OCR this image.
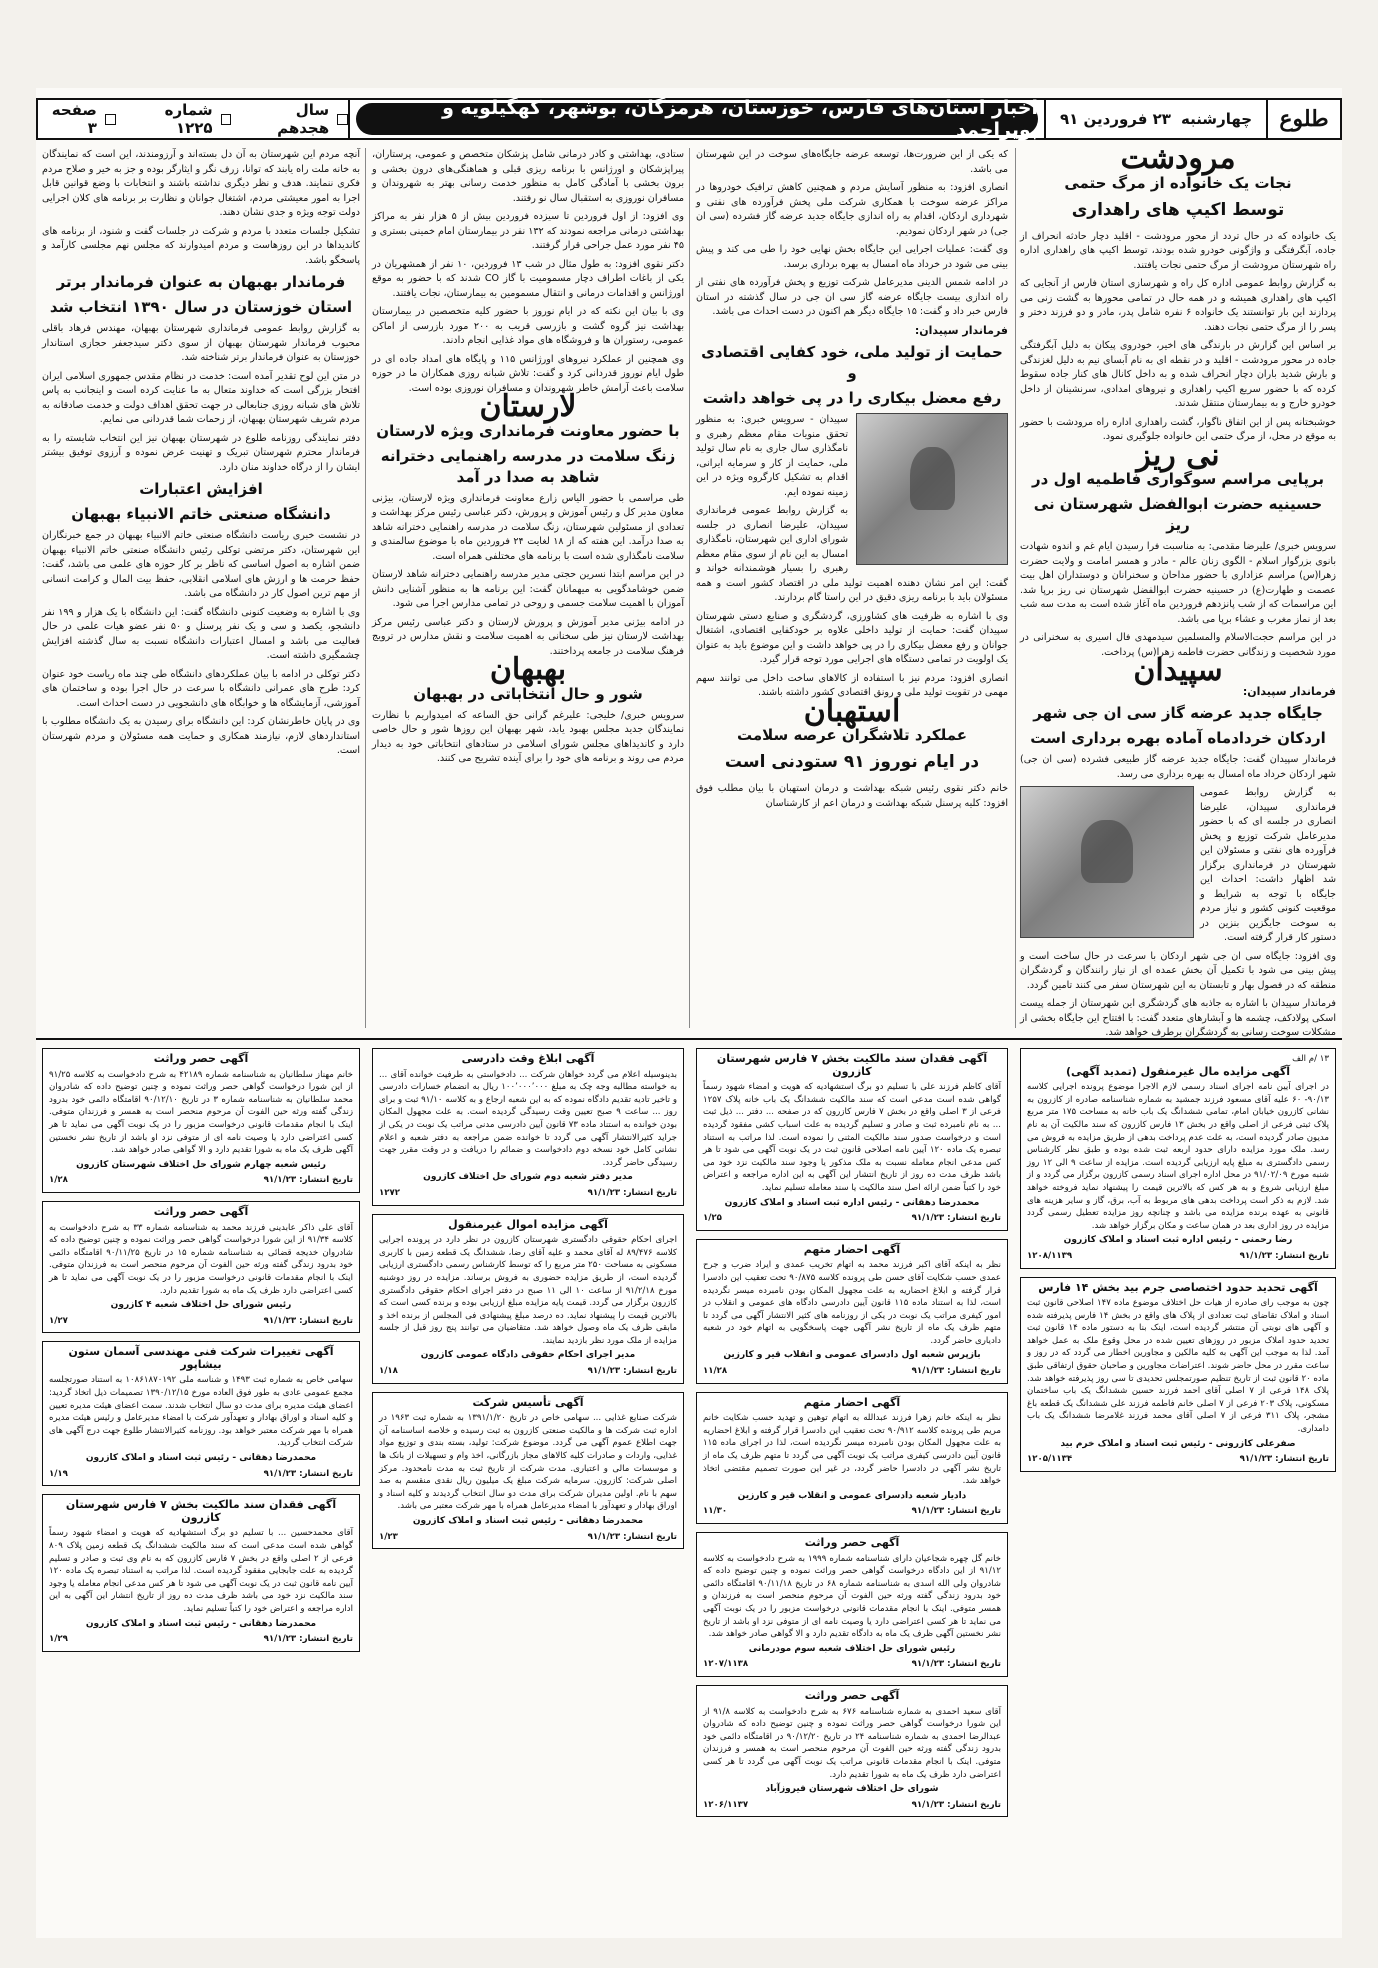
طلوع
چهارشنبه
۲۳ فروردین ۹۱
اخبار استان‌های فارس، خوزستان، هرمزگان، بوشهر، کهگیلویه و بویراحمد
سال هجدهم
شماره ۱۲۲۵
صفحه ۳
مرودشت
نجات یک خانواده از مرگ حتمی
توسط اکیپ های راهداری

یک خانواده که در حال تردد از محور مرودشت - اقلید دچار حادثه انحراف از جاده، آبگرفتگی و واژگونی خودرو شده بودند، توسط اکیپ های راهداری اداره راه شهرستان مرودشت از مرگ حتمی نجات یافتند.

به گزارش روابط عمومی اداره کل راه و شهرسازی استان فارس از آنجایی که اکیپ های راهداری همیشه و در همه حال در تمامی محورها به گشت زنی می پردازند این بار توانستند یک خانواده ۶ نفره شامل پدر، مادر و دو فرزند دختر و پسر را از مرگ حتمی نجات دهند.

بر اساس این گزارش در بارندگی های اخیر، خودروی پیکان به دلیل آبگرفتگی جاده در محور مرودشت - اقلید و در نقطه ای به نام آبسای نیم به دلیل لغزندگی و بارش شدید باران دچار انحراف شده و به داخل کانال های کنار جاده سقوط کرده که با حضور سریع اکیپ راهداری و نیروهای امدادی، سرنشینان از داخل خودرو خارج و به بیمارستان منتقل شدند.

خوشبختانه پس از این اتفاق ناگوار، گشت راهداری اداره راه مرودشت با حضور به موقع در محل، از مرگ حتمی این خانواده جلوگیری نمود.

نی ریز
برپایی مراسم سوگواری فاطمیه اول در
حسینیه حضرت ابوالفضل شهرستان نی ریز

سرویس خبری/ علیرضا مقدمی: به مناسبت فرا رسیدن ایام غم و اندوه شهادت بانوی بزرگوار اسلام - الگوی زنان عالم - مادر و همسر امامت و ولایت حضرت زهرا(س) مراسم عزاداری با حضور مداحان و سخنرانان و دوستداران اهل بیت عصمت و طهارت(ع) در حسینیه حضرت ابوالفضل شهرستان نی ریز برپا شد. این مراسمات که از شب پانزدهم فروردین ماه آغاز شده است به مدت سه شب بعد از نماز مغرب و عشاء برپا می باشد.

در این مراسم حجت‌الاسلام والمسلمین سیدمهدی فال اسیری به سخنرانی در مورد شخصیت و زندگانی حضرت فاطمه زهرا(س) پرداخت.

سپیدان
فرماندار سپیدان:
جایگاه جدید عرضه گاز سی ان جی شهر
اردکان خردادماه آماده بهره برداری است

فرماندار سپیدان گفت: جایگاه جدید عرضه گاز طبیعی فشرده (سی ان جی) شهر اردکان خرداد ماه امسال به بهره برداری می رسد.

به گزارش روابط عمومی فرمانداری سپیدان، علیرضا انصاری در جلسه ای که با حضور مدیرعامل شرکت توزیع و پخش فرآورده های نفتی و مسئولان این شهرستان در فرمانداری برگزار شد اظهار داشت: احداث این جایگاه با توجه به شرایط و موقعیت کنونی کشور و نیاز مردم به سوخت جایگزین بنزین در دستور کار قرار گرفته است.

وی افزود: جایگاه سی ان جی شهر اردکان با سرعت در حال ساخت است و پیش بینی می شود با تکمیل آن بخش عمده ای از نیاز رانندگان و گردشگران منطقه که در فصول بهار و تابستان به این شهرستان سفر می کنند تامین گردد.

فرماندار سپیدان با اشاره به جاذبه های گردشگری این شهرستان از جمله پیست اسکی پولادکف، چشمه ها و آبشارهای متعدد گفت: با افتتاح این جایگاه بخشی از مشکلات سوخت رسانی به گردشگران برطرف خواهد شد.

که یکی از این ضرورت‌ها، توسعه عرضه جایگاه‌های سوخت در این شهرستان می باشد.

انصاری افزود: به منظور آسایش مردم و همچنین کاهش ترافیک خودروها در مراکز عرضه سوخت با همکاری شرکت ملی پخش فرآورده های نفتی و شهرداری اردکان، اقدام به راه اندازی جایگاه جدید عرضه گاز فشرده (سی ان جی) در شهر اردکان نمودیم.

وی گفت: عملیات اجرایی این جایگاه بخش نهایی خود را طی می کند و پیش بینی می شود در خرداد ماه امسال به بهره برداری برسد.

در ادامه شمس الدینی مدیرعامل شرکت توزیع و پخش فرآورده های نفتی از راه اندازی بیست جایگاه عرضه گاز سی ان جی در سال گذشته در استان فارس خبر داد و گفت: ۱۵ جایگاه دیگر هم اکنون در دست احداث می باشد.

فرماندار سپیدان:
حمایت از تولید ملی، خود کفایی اقتصادی و
رفع معضل بیکاری را در پی خواهد داشت

سپیدان - سرویس خبری: به منظور تحقق منویات مقام معظم رهبری و نامگذاری سال جاری به نام سال تولید ملی، حمایت از کار و سرمایه ایرانی، اقدام به تشکیل کارگروه ویژه در این زمینه نموده ایم.

به گزارش روابط عمومی فرمانداری سپیدان، علیرضا انصاری در جلسه شورای اداری این شهرستان، نامگذاری امسال به این نام از سوی مقام معظم رهبری را بسیار هوشمندانه خواند و گفت: این امر نشان دهنده اهمیت تولید ملی در اقتصاد کشور است و همه مسئولان باید با برنامه ریزی دقیق در این راستا گام بردارند.

وی با اشاره به ظرفیت های کشاورزی، گردشگری و صنایع دستی شهرستان سپیدان گفت: حمایت از تولید داخلی علاوه بر خودکفایی اقتصادی، اشتغال جوانان و رفع معضل بیکاری را در پی خواهد داشت و این موضوع باید به عنوان یک اولویت در تمامی دستگاه های اجرایی مورد توجه قرار گیرد.

انصاری افزود: مردم نیز با استفاده از کالاهای ساخت داخل می توانند سهم مهمی در تقویت تولید ملی و رونق اقتصادی کشور داشته باشند.

استهبان
عملکرد تلاشگران عرصه سلامت
در ایام نوروز ۹۱ ستودنی است

خانم دکتر نقوی رئیس شبکه بهداشت و درمان استهبان با بیان مطلب فوق افزود: کلیه پرسنل شبکه بهداشت و درمان اعم از کارشناسان

ستادی، بهداشتی و کادر درمانی شامل پزشکان متخصص و عمومی، پرستاران، پیراپزشکان و اورژانس با برنامه ریزی قبلی و هماهنگی‌های درون بخشی و برون بخشی با آمادگی کامل به منظور خدمت رسانی بهتر به شهروندان و مسافران نوروزی به استقبال سال نو رفتند.

وی افزود: از اول فروردین تا سیزده فروردین بیش از ۵ هزار نفر به مراکز بهداشتی درمانی مراجعه نمودند که ۱۳۲ نفر در بیمارستان امام خمینی بستری و ۴۵ نفر مورد عمل جراحی قرار گرفتند.

دکتر نقوی افزود: به طول مثال در شب ۱۳ فروردین، ۱۰ نفر از همشهریان در یکی از باغات اطراف دچار مسمومیت با گاز CO شدند که با حضور به موقع اورژانس و اقدامات درمانی و انتقال مسمومین به بیمارستان، نجات یافتند.

وی با بیان این نکته که در ایام نوروز با حضور کلیه متخصصین در بیمارستان بهداشت نیز گروه گشت و بازرسی قریب به ۲۰۰ مورد بازرسی از اماکن عمومی، رستوران ها و فروشگاه های مواد غذایی انجام دادند.

وی همچنین از عملکرد نیروهای اورژانس ۱۱۵ و پایگاه های امداد جاده ای در طول ایام نوروز قدردانی کرد و گفت: تلاش شبانه روزی همکاران ما در حوزه سلامت باعث آرامش خاطر شهروندان و مسافران نوروزی بوده است.

لارستان
با حضور معاونت فرمانداری ویژه لارستان
زنگ سلامت در مدرسه راهنمایی دخترانه شاهد به صدا در آمد

طی مراسمی با حضور الیاس زارع معاونت فرمانداری ویژه لارستان، بیژنی معاون مدیر کل و رئیس آموزش و پرورش، دکتر عباسی رئیس مرکز بهداشت و تعدادی از مسئولین شهرستان، زنگ سلامت در مدرسه راهنمایی دخترانه شاهد به صدا درآمد. این هفته که از ۱۸ لغایت ۲۴ فروردین ماه با موضوع سالمندی و سلامت نامگذاری شده است با برنامه های مختلفی همراه است.

در این مراسم ابتدا نسرین حجتی مدیر مدرسه راهنمایی دخترانه شاهد لارستان ضمن خوشامدگویی به میهمانان گفت: این برنامه ها به منظور آشنایی دانش آموزان با اهمیت سلامت جسمی و روحی در تمامی مدارس اجرا می شود.

در ادامه بیژنی مدیر آموزش و پرورش لارستان و دکتر عباسی رئیس مرکز بهداشت لارستان نیز طی سخنانی به اهمیت سلامت و نقش مدارس در ترویج فرهنگ سلامت در جامعه پرداختند.

بهبهان
شور و حال انتخاباتی در بهبهان

سرویس خبری/ خلیجی: علیرغم گرانی حق الساعه که امیدواریم با نظارت نمایندگان جدید مجلس بهبود یابد، شهر بهبهان این روزها شور و حال خاصی دارد و کاندیداهای مجلس شورای اسلامی در ستادهای انتخاباتی خود به دیدار مردم می روند و برنامه های خود را برای آینده تشریح می کنند.

آنچه مردم این شهرستان به آن دل بسته‌اند و آرزومندند، این است که نمایندگان به خانه ملت راه یابند که توانا، زرف نگر و ایثارگر بوده و جز به خیر و صلاح مردم فکری ننمایند. هدف و نظر دیگری نداشته باشند و انتخابات با وضع قوانین قابل اجرا به امور معیشتی مردم، اشتغال جوانان و نظارت بر برنامه های کلان اجرایی دولت توجه ویژه و جدی نشان دهند.

تشکیل جلسات متعدد با مردم و شرکت در جلسات گفت و شنود، از برنامه های کاندیداها در این روزهاست و مردم امیدوارند که مجلس نهم مجلسی کارآمد و پاسخگو باشد.

فرماندار بهبهان به عنوان فرماندار برتر
استان خوزستان در سال ۱۳۹۰ انتخاب شد

به گزارش روابط عمومی فرمانداری شهرستان بهبهان، مهندس فرهاد باقلی محبوب فرماندار شهرستان بهبهان از سوی دکتر سیدجعفر حجازی استاندار خوزستان به عنوان فرماندار برتر شناخته شد.

در متن این لوح تقدیر آمده است: خدمت در نظام مقدس جمهوری اسلامی ایران افتخار بزرگی است که خداوند متعال به ما عنایت کرده است و اینجانب به پاس تلاش های شبانه روزی جنابعالی در جهت تحقق اهداف دولت و خدمت صادقانه به مردم شریف شهرستان بهبهان، از زحمات شما قدردانی می نمایم.

دفتر نمایندگی روزنامه طلوع در شهرستان بهبهان نیز این انتخاب شایسته را به فرماندار محترم شهرستان تبریک و تهنیت عرض نموده و آرزوی توفیق بیشتر ایشان را از درگاه خداوند منان دارد.

افزایش اعتبارات
دانشگاه صنعتی خاتم الانبیاء بهبهان

در نشست خبری ریاست دانشگاه صنعتی خاتم الانبیاء بهبهان در جمع خبرنگاران این شهرستان، دکتر مرتضی توکلی رئیس دانشگاه صنعتی خاتم الانبیاء بهبهان ضمن اشاره به اصول اساسی که ناظر بر کار حوزه های علمی می باشد، گفت: حفظ حرمت ها و ارزش های اسلامی انقلابی، حفظ بیت المال و کرامت انسانی از مهم ترین اصول کار در دانشگاه می باشد.

وی با اشاره به وضعیت کنونی دانشگاه گفت: این دانشگاه با یک هزار و ۱۹۹ نفر دانشجو، یکصد و سی و یک نفر پرسنل و ۵۰ نفر عضو هیات علمی در حال فعالیت می باشد و امسال اعتبارات دانشگاه نسبت به سال گذشته افزایش چشمگیری داشته است.

دکتر توکلی در ادامه با بیان عملکردهای دانشگاه طی چند ماه ریاست خود عنوان کرد: طرح های عمرانی دانشگاه با سرعت در حال اجرا بوده و ساختمان های آموزشی، آزمایشگاه ها و خوابگاه های دانشجویی در دست احداث است.

وی در پایان خاطرنشان کرد: این دانشگاه برای رسیدن به یک دانشگاه مطلوب با استانداردهای لازم، نیازمند همکاری و حمایت همه مسئولان و مردم شهرستان است.

۱۳ /م الف
آگهی مزایده مال غیرمنقول (تمدید آگهی)
در اجرای آیین نامه اجرای اسناد رسمی لازم الاجرا موضوع پرونده اجرایی کلاسه ۹۰/۱۳- ۶۰ علیه آقای مسعود فرزند جمشید به شماره شناسنامه صادره از کازرون به نشانی کازرون خیابان امام، تمامی ششدانگ یک باب خانه به مساحت ۱۷۵ متر مربع پلاک ثبتی فرعی از اصلی واقع در بخش ۱۳ فارس کازرون که سند مالکیت آن به نام مدیون صادر گردیده است، به علت عدم پرداخت بدهی از طریق مزایده به فروش می رسد. ملک مورد مزایده دارای حدود اربعه ثبت شده بوده و طبق نظر کارشناس رسمی دادگستری به مبلغ پایه ارزیابی گردیده است. مزایده از ساعت ۹ الی ۱۲ روز شنبه مورخ ۹۱/۰۲/۰۹ در محل اداره اجرای اسناد رسمی کازرون برگزار می گردد و از مبلغ ارزیابی شروع و به هر کس که بالاترین قیمت را پیشنهاد نماید فروخته خواهد شد. لازم به ذکر است پرداخت بدهی های مربوط به آب، برق، گاز و سایر هزینه های قانونی به عهده برنده مزایده می باشد و چنانچه روز مزایده تعطیل رسمی گردد مزایده در روز اداری بعد در همان ساعت و مکان برگزار خواهد شد.
رضا رحمنی - رئیس اداره ثبت اسناد و املاک کازرون
تاریخ انتشار: ۹۱/۱/۲۳
۱۲۰۸/۱۱۳۹
آگهی تحدید حدود اختصاصی جرم بید بخش ۱۴ فارس
چون به موجب رای صادره از هیات حل اختلاف موضوع ماده ۱۴۷ اصلاحی قانون ثبت اسناد و املاک تقاضای ثبت تعدادی از پلاک های واقع در بخش ۱۴ فارس پذیرفته شده و آگهی های نوبتی آن منتشر گردیده است، اینک بنا به دستور ماده ۱۴ قانون ثبت تحدید حدود املاک مزبور در روزهای تعیین شده در محل وقوع ملک به عمل خواهد آمد. لذا به موجب این آگهی به کلیه مالکین و مجاورین اخطار می گردد که در روز و ساعت مقرر در محل حاضر شوند. اعتراضات مجاورین و صاحبان حقوق ارتفاقی طبق ماده ۲۰ قانون ثبت از تاریخ تنظیم صورتمجلس تحدیدی تا سی روز پذیرفته خواهد شد. پلاک ۱۴۸ فرعی از ۷ اصلی آقای احمد فرزند حسین ششدانگ یک باب ساختمان مسکونی، پلاک ۲۰۳ فرعی از ۷ اصلی خانم فاطمه فرزند علی ششدانگ یک قطعه باغ مشجر، پلاک ۳۱۱ فرعی از ۷ اصلی آقای محمد فرزند غلامرضا ششدانگ یک باب دامداری.
صفرعلی کازرونی - رئیس ثبت اسناد و املاک خرم بید
تاریخ انتشار: ۹۱/۱/۲۳
۱۲۰۵/۱۱۳۴
آگهی فقدان سند مالکیت بخش ۷ فارس شهرستان کازرون
آقای کاظم فرزند علی با تسلیم دو برگ استشهادیه که هویت و امضاء شهود رسماً گواهی شده است مدعی است که سند مالکیت ششدانگ یک باب خانه پلاک ۱۲۵۷ فرعی از ۳ اصلی واقع در بخش ۷ فارس کازرون که در صفحه ... دفتر ... ذیل ثبت ... به نام نامبرده ثبت و صادر و تسلیم گردیده به علت اسباب کشی مفقود گردیده است و درخواست صدور سند مالکیت المثنی را نموده است. لذا مراتب به استناد تبصره یک ماده ۱۲۰ آیین نامه اصلاحی قانون ثبت در یک نوبت آگهی می شود تا هر کس مدعی انجام معامله نسبت به ملک مذکور یا وجود سند مالکیت نزد خود می باشد ظرف مدت ده روز از تاریخ انتشار این آگهی به این اداره مراجعه و اعتراض خود را کتباً ضمن ارائه اصل سند مالکیت یا سند معامله تسلیم نماید.
محمدرضا دهقانی - رئیس اداره ثبت اسناد و املاک کازرون
تاریخ انتشار: ۹۱/۱/۲۳
۱/۲۵
آگهی احضار متهم
نظر به اینکه آقای اکبر فرزند محمد به اتهام تخریب عمدی و ایراد ضرب و جرح عمدی حسب شکایت آقای حسن طی پرونده کلاسه ۹۰/۸۷۵ تحت تعقیب این دادسرا قرار گرفته و ابلاغ احضاریه به علت مجهول المکان بودن نامبرده میسر نگردیده است، لذا به استناد ماده ۱۱۵ قانون آیین دادرسی دادگاه های عمومی و انقلاب در امور کیفری مراتب یک نوبت در یکی از روزنامه های کثیر الانتشار آگهی می گردد تا متهم ظرف یک ماه از تاریخ نشر آگهی جهت پاسخگویی به اتهام خود در شعبه دادیاری حاضر گردد.
بازپرس شعبه اول دادسرای عمومی و انقلاب قیر و کارزین
تاریخ انتشار: ۹۱/۱/۲۳
۱۱/۲۸
آگهی احضار متهم
نظر به اینکه خانم زهرا فرزند عبدالله به اتهام توهین و تهدید حسب شکایت خانم مریم طی پرونده کلاسه ۹۰/۹۱۲ تحت تعقیب این دادسرا قرار گرفته و ابلاغ احضاریه به علت مجهول المکان بودن نامبرده میسر نگردیده است، لذا در اجرای ماده ۱۱۵ قانون آیین دادرسی کیفری مراتب یک نوبت آگهی می گردد تا متهم ظرف یک ماه از تاریخ نشر آگهی در دادسرا حاضر گردد، در غیر این صورت تصمیم مقتضی اتخاذ خواهد شد.
دادیار شعبه دادسرای عمومی و انقلاب قیر و کارزین
تاریخ انتشار: ۹۱/۱/۲۳
۱۱/۳۰
آگهی حصر وراثت
خانم گل چهره شجاعیان دارای شناسنامه شماره ۱۹۹۹ به شرح دادخواست به کلاسه ۹۱/۱۲ از این دادگاه درخواست گواهی حصر وراثت نموده و چنین توضیح داده که شادروان ولی الله اسدی به شناسنامه شماره ۶۸ در تاریخ ۹۰/۱۱/۱۸ اقامتگاه دائمی خود بدرود زندگی گفته ورثه حین الفوت آن مرحوم منحصر است به فرزندان و همسر متوفی. اینک با انجام مقدمات قانونی درخواست مزبور را در یک نوبت آگهی می نماید تا هر کسی اعتراضی دارد یا وصیت نامه ای از متوفی نزد او باشد از تاریخ نشر نخستین آگهی ظرف یک ماه به دادگاه تقدیم دارد و الا گواهی صادر خواهد شد.
رئیس شورای حل اختلاف شعبه سوم مودرمانی
تاریخ انتشار: ۹۱/۱/۲۳
۱۲۰۷/۱۱۳۸
آگهی حصر وراثت
آقای سعید احمدی به شماره شناسنامه ۶۷۶ به شرح دادخواست به کلاسه ۹۱/۸ از این شورا درخواست گواهی حصر وراثت نموده و چنین توضیح داده که شادروان عبدالرضا احمدی به شماره شناسنامه ۲۴ در تاریخ ۹۰/۱۲/۲۰ در اقامتگاه دائمی خود بدرود زندگی گفته ورثه حین الفوت آن مرحوم منحصر است به همسر و فرزندان متوفی. اینک با انجام مقدمات قانونی مراتب یک نوبت آگهی می گردد تا هر کسی اعتراضی دارد ظرف یک ماه به شورا تقدیم دارد.
شورای حل اختلاف شهرستان فیروزآباد
تاریخ انتشار: ۹۱/۱/۲۳
۱۲۰۶/۱۱۳۷
آگهی ابلاغ وقت دادرسی
بدینوسیله اعلام می گردد خواهان شرکت ... دادخواستی به طرفیت خوانده آقای ... به خواسته مطالبه وجه چک به مبلغ ۱۰۰٬۰۰۰٬۰۰۰ ریال به انضمام خسارات دادرسی و تاخیر تادیه تقدیم دادگاه نموده که به این شعبه ارجاع و به کلاسه ۹۱/۱۰ ثبت و برای روز ... ساعت ۹ صبح تعیین وقت رسیدگی گردیده است. به علت مجهول المکان بودن خوانده به استناد ماده ۷۳ قانون آیین دادرسی مدنی مراتب یک نوبت در یکی از جراید کثیرالانتشار آگهی می گردد تا خوانده ضمن مراجعه به دفتر شعبه و اعلام نشانی کامل خود نسخه دوم دادخواست و ضمائم را دریافت و در وقت مقرر جهت رسیدگی حاضر گردد.
مدیر دفتر شعبه دوم شورای حل اختلاف کازرون
تاریخ انتشار: ۹۱/۱/۲۳
۱۲۷۲
آگهی مزایده اموال غیرمنقول
اجرای احکام حقوقی دادگستری شهرستان کازرون در نظر دارد در پرونده اجرایی کلاسه ۸۹/۴۷۶ له آقای محمد و علیه آقای رضا، ششدانگ یک قطعه زمین با کاربری مسکونی به مساحت ۲۵۰ متر مربع را که توسط کارشناس رسمی دادگستری ارزیابی گردیده است، از طریق مزایده حضوری به فروش برساند. مزایده در روز دوشنبه مورخ ۹۱/۲/۱۸ از ساعت ۱۰ الی ۱۱ صبح در دفتر اجرای احکام حقوقی دادگستری کازرون برگزار می گردد. قیمت پایه مزایده مبلغ ارزیابی بوده و برنده کسی است که بالاترین قیمت را پیشنهاد نماید. ده درصد مبلغ پیشنهادی فی المجلس از برنده اخذ و مابقی ظرف یک ماه وصول خواهد شد. متقاضیان می توانند پنج روز قبل از جلسه مزایده از ملک مورد نظر بازدید نمایند.
مدیر اجرای احکام حقوقی دادگاه عمومی کازرون
تاریخ انتشار: ۹۱/۱/۲۳
۱/۱۸
آگهی تأسیس شرکت
شرکت صنایع غذایی ... سهامی خاص در تاریخ ۱۳۹۱/۱/۲۰ به شماره ثبت ۱۹۶۳ در اداره ثبت شرکت ها و مالکیت صنعتی کازرون به ثبت رسیده و خلاصه اساسنامه آن جهت اطلاع عموم آگهی می گردد. موضوع شرکت: تولید، بسته بندی و توزیع مواد غذایی، واردات و صادرات کلیه کالاهای مجاز بازرگانی، اخذ وام و تسهیلات از بانک ها و موسسات مالی و اعتباری. مدت شرکت از تاریخ ثبت به مدت نامحدود. مرکز اصلی شرکت: کازرون. سرمایه شرکت مبلغ یک میلیون ریال نقدی منقسم به صد سهم با نام. اولین مدیران شرکت برای مدت دو سال انتخاب گردیدند و کلیه اسناد و اوراق بهادار و تعهدآور با امضاء مدیرعامل همراه با مهر شرکت معتبر می باشد.
محمدرضا دهقانی - رئیس ثبت اسناد و املاک کازرون
تاریخ انتشار: ۹۱/۱/۲۳
۱/۲۳
آگهی حصر وراثت
خانم مهناز سلطانیان به شناسنامه شماره ۴۲۱۸۹ به شرح دادخواست به کلاسه ۹۱/۲۵ از این شورا درخواست گواهی حصر وراثت نموده و چنین توضیح داده که شادروان محمد سلطانیان به شناسنامه شماره ۳ در تاریخ ۹۰/۱۲/۱۰ اقامتگاه دائمی خود بدرود زندگی گفته ورثه حین الفوت آن مرحوم منحصر است به همسر و فرزندان متوفی. اینک با انجام مقدمات قانونی درخواست مزبور را در یک نوبت آگهی می نماید تا هر کسی اعتراضی دارد یا وصیت نامه ای از متوفی نزد او باشد از تاریخ نشر نخستین آگهی ظرف یک ماه به شورا تقدیم دارد و الا گواهی صادر خواهد شد.
رئیس شعبه چهارم شورای حل اختلاف شهرستان کازرون
تاریخ انتشار: ۹۱/۱/۲۳
۱/۲۸
آگهی حصر وراثت
آقای علی ذاکر عابدینی فرزند محمد به شناسنامه شماره ۳۳ به شرح دادخواست به کلاسه ۹۱/۳۴ از این شورا درخواست گواهی حصر وراثت نموده و چنین توضیح داده که شادروان خدیجه قضائی به شناسنامه شماره ۱۵ در تاریخ ۹۰/۱۱/۲۵ اقامتگاه دائمی خود بدرود زندگی گفته ورثه حین الفوت آن مرحوم منحصر است به فرزندان متوفی. اینک با انجام مقدمات قانونی درخواست مزبور را در یک نوبت آگهی می نماید تا هر کسی اعتراضی دارد ظرف یک ماه به شورا تقدیم دارد.
رئیس شورای حل اختلاف شعبه ۴ کازرون
تاریخ انتشار: ۹۱/۱/۲۳
۱/۲۷
آگهی تغییرات شرکت فنی مهندسی آسمان ستون بیشاپور
سهامی خاص به شماره ثبت ۱۴۹۳ و شناسه ملی ۱۰۸۶۱۸۷۰۱۹۲ به استناد صورتجلسه مجمع عمومی عادی به طور فوق العاده مورخ ۱۳۹۰/۱۲/۱۵ تصمیمات ذیل اتخاذ گردید: اعضای هیئت مدیره برای مدت دو سال انتخاب شدند. سمت اعضای هیئت مدیره تعیین و کلیه اسناد و اوراق بهادار و تعهدآور شرکت با امضاء مدیرعامل و رئیس هیئت مدیره همراه با مهر شرکت معتبر خواهد بود. روزنامه کثیرالانتشار طلوع جهت درج آگهی های شرکت انتخاب گردید.
محمدرضا دهقانی - رئیس ثبت اسناد و املاک کازرون
تاریخ انتشار: ۹۱/۱/۲۳
۱/۱۹
آگهی فقدان سند مالکیت بخش ۷ فارس شهرستان کازرون
آقای محمدحسین ... با تسلیم دو برگ استشهادیه که هویت و امضاء شهود رسماً گواهی شده است مدعی است که سند مالکیت ششدانگ یک قطعه زمین پلاک ۸۰۹ فرعی از ۲ اصلی واقع در بخش ۷ فارس کازرون که به نام وی ثبت و صادر و تسلیم گردیده به علت جابجایی مفقود گردیده است. لذا مراتب به استناد تبصره یک ماده ۱۲۰ آیین نامه قانون ثبت در یک نوبت آگهی می شود تا هر کس مدعی انجام معامله یا وجود سند مالکیت نزد خود می باشد ظرف مدت ده روز از تاریخ انتشار این آگهی به این اداره مراجعه و اعتراض خود را کتباً تسلیم نماید.
محمدرضا دهقانی - رئیس ثبت اسناد و املاک کازرون
تاریخ انتشار: ۹۱/۱/۲۳
۱/۲۹
